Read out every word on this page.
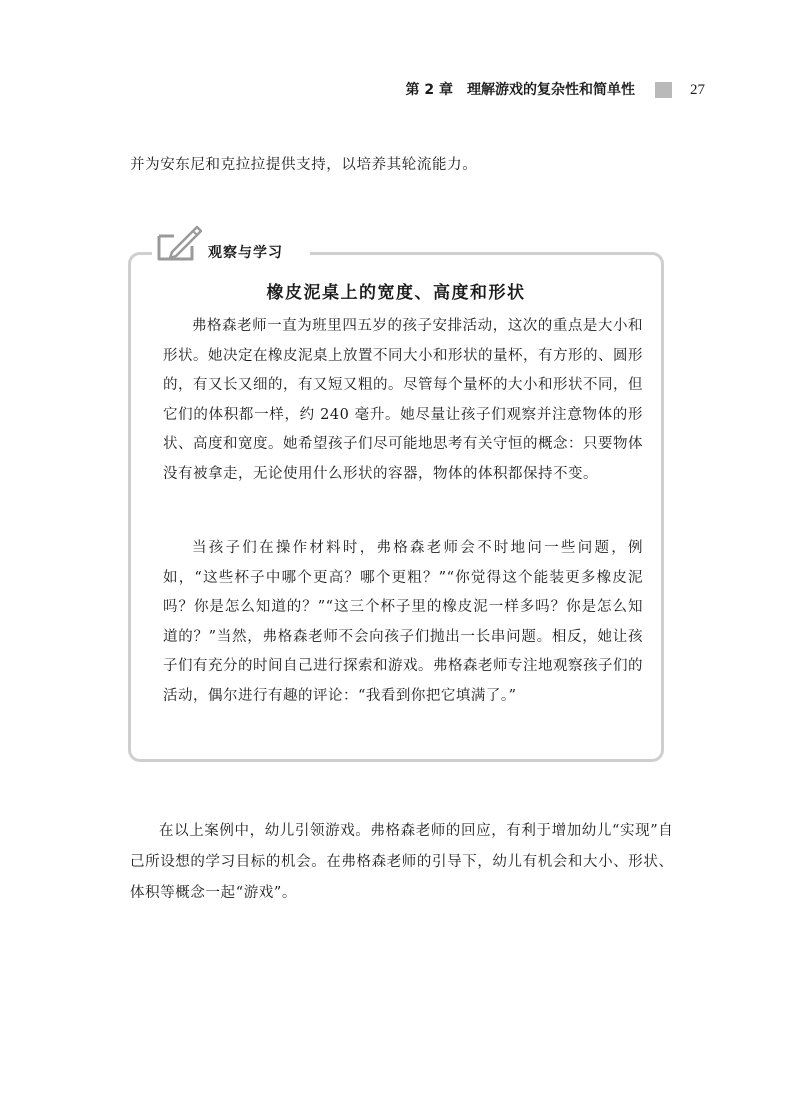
第 2 章　理解游戏的复杂性和简单性	27

并为安东尼和克拉拉提供支持，以培养其轮流能力。

观察与学习
橡皮泥桌上的宽度、高度和形状

弗格森老师一直为班里四五岁的孩子安排活动，这次的重点是大小和形状。她决定在橡皮泥桌上放置不同大小和形状的量杯，有方形的、圆形的，有又长又细的，有又短又粗的。尽管每个量杯的大小和形状不同，但它们的体积都一样，约 240 毫升。她尽量让孩子们观察并注意物体的形状、高度和宽度。她希望孩子们尽可能地思考有关守恒的概念：只要物体没有被拿走，无论使用什么形状的容器，物体的体积都保持不变。

当孩子们在操作材料时，弗格森老师会不时地问一些问题，例如，“这些杯子中哪个更高？哪个更粗？”“你觉得这个能装更多橡皮泥吗？你是怎么知道的？”“这三个杯子里的橡皮泥一样多吗？你是怎么知道的？”当然，弗格森老师不会向孩子们抛出一长串问题。相反，她让孩子们有充分的时间自己进行探索和游戏。弗格森老师专注地观察孩子们的活动，偶尔进行有趣的评论：“我看到你把它填满了。”

在以上案例中，幼儿引领游戏。弗格森老师的回应，有利于增加幼儿“实现”自己所设想的学习目标的机会。在弗格森老师的引导下，幼儿有机会和大小、形状、体积等概念一起“游戏”。
